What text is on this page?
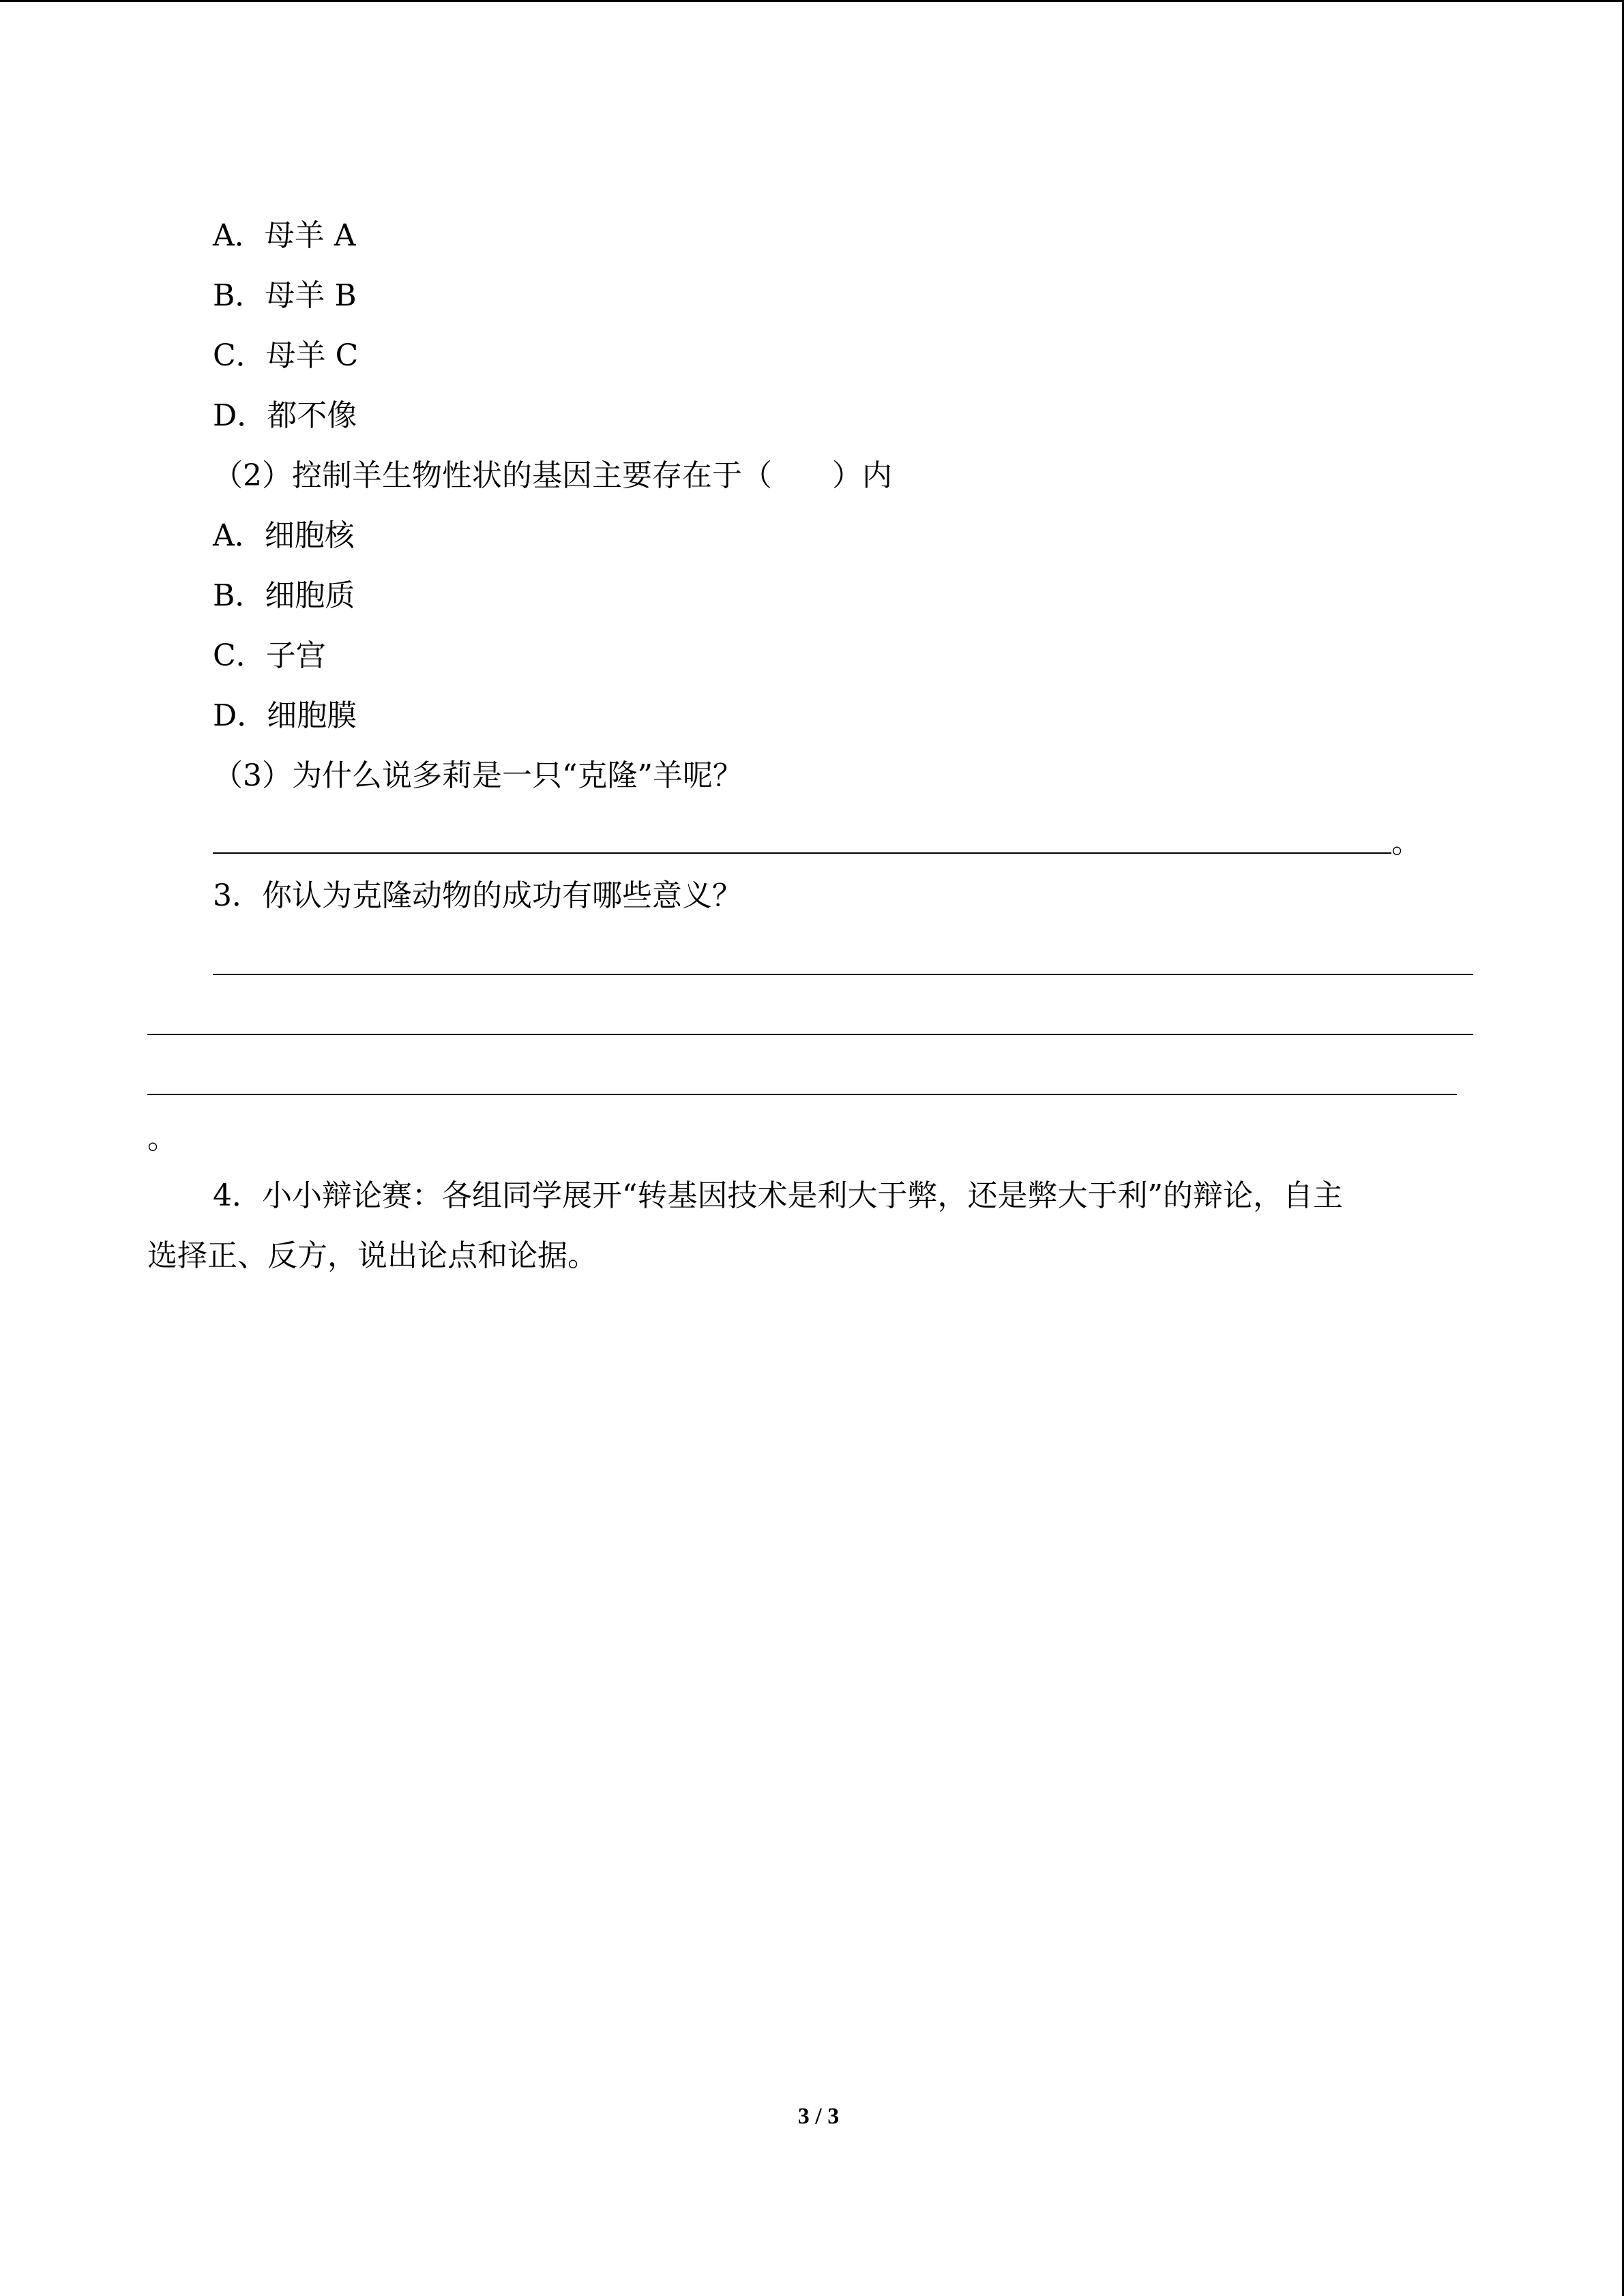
A．母羊 A
B．母羊 B
C．母羊 C
D．都不像
（2）控制羊生物性状的基因主要存在于（　　）内
A．细胞核
B．细胞质
C．子宫
D．细胞膜
（3）为什么说多莉是一只“克隆”羊呢？
。
3．你认为克隆动物的成功有哪些意义？
。
4．小小辩论赛：各组同学展开“转基因技术是利大于弊，还是弊大于利”的辩论，自主
选择正、反方，说出论点和论据。
3 / 3
